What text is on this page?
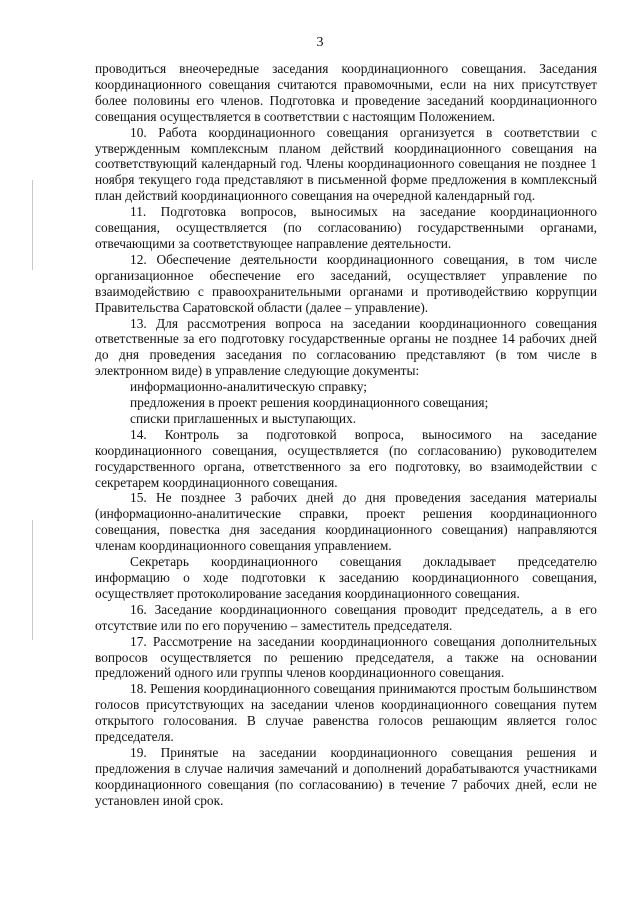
3

проводиться внеочередные заседания координационного совещания. Заседания координационного совещания считаются правомочными, если на них присутствует более половины его членов. Подготовка и проведение заседаний координационного совещания осуществляется в соответствии с настоящим Положением.

10. Работа координационного совещания организуется в соответствии с утвержденным комплексным планом действий координационного совещания на соответствующий календарный год. Члены координационного совещания не позднее 1 ноября текущего года представляют в письменной форме предложения в комплексный план действий координационного совещания на очередной календарный год.

11. Подготовка вопросов, выносимых на заседание координационного совещания, осуществляется (по согласованию) государственными органами, отвечающими за соответствующее направление деятельности.

12. Обеспечение деятельности координационного совещания, в том числе организационное обеспечение его заседаний, осуществляет управление по взаимодействию с правоохранительными органами и противодействию коррупции Правительства Саратовской области (далее – управление).

13. Для рассмотрения вопроса на заседании координационного совещания ответственные за его подготовку государственные органы не позднее 14 рабочих дней до дня проведения заседания по согласованию представляют (в том числе в электронном виде) в управление следующие документы:

информационно-аналитическую справку;

предложения в проект решения координационного совещания;

списки приглашенных и выступающих.

14. Контроль за подготовкой вопроса, выносимого на заседание координационного совещания, осуществляется (по согласованию) руководителем государственного органа, ответственного за его подготовку, во взаимодействии с секретарем координационного совещания.

15. Не позднее 3 рабочих дней до дня проведения заседания материалы (информационно-аналитические справки, проект решения координационного совещания, повестка дня заседания координационного совещания) направляются членам координационного совещания управлением.

Секретарь координационного совещания докладывает председателю информацию о ходе подготовки к заседанию координационного совещания, осуществляет протоколирование заседания координационного совещания.

16. Заседание координационного совещания проводит председатель, а в его отсутствие или по его поручению – заместитель председателя.

17. Рассмотрение на заседании координационного совещания дополнительных вопросов осуществляется по решению председателя, а также на основании предложений одного или группы членов координационного совещания.

18. Решения координационного совещания принимаются простым большинством голосов присутствующих на заседании членов координационного совещания путем открытого голосования. В случае равенства голосов решающим является голос председателя.

19. Принятые на заседании координационного совещания решения и предложения в случае наличия замечаний и дополнений дорабатываются участниками координационного совещания (по согласованию) в течение 7 рабочих дней, если не установлен иной срок.
